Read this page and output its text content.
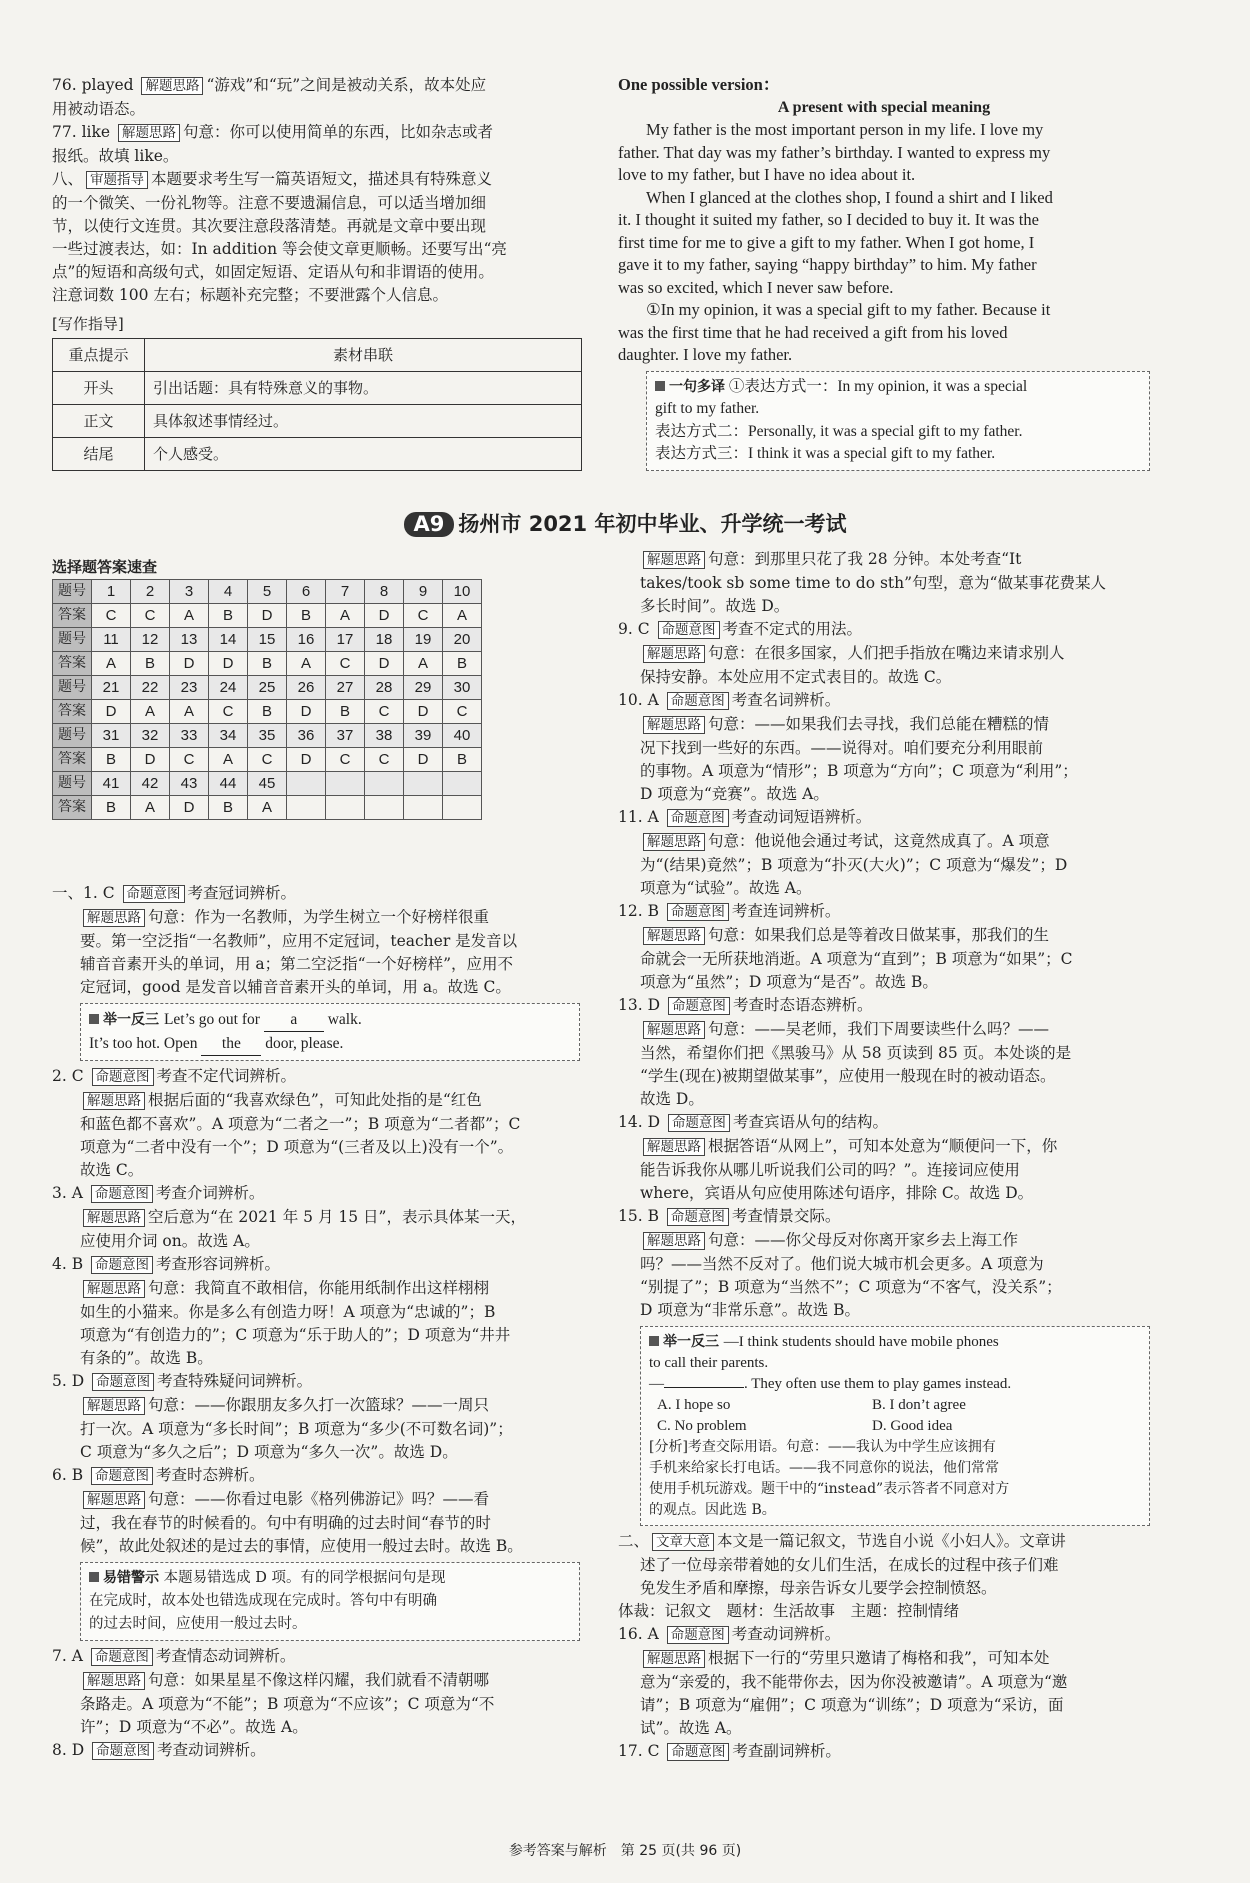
76. played 解题思路 “游戏”和“玩”之间是被动关系，故本处应

用被动语态。

77. like 解题思路 句意：你可以使用简单的东西，比如杂志或者

报纸。故填 like。

八、 审题指导 本题要求考生写一篇英语短文，描述具有特殊意义

的一个微笑、一份礼物等。注意不要遗漏信息，可以适当增加细

节，以使行文连贯。其次要注意段落清楚。再就是文章中要出现

一些过渡表达，如：In addition 等会使文章更顺畅。还要写出“亮

点”的短语和高级句式，如固定短语、定语从句和非谓语的使用。

注意词数 100 左右；标题补充完整；不要泄露个人信息。

[写作指导]

重点提示	素材串联
开头	引出话题：具有特殊意义的事物。
正文	具体叙述事情经过。
结尾	个人感受。

One possible version：

A present with special meaning

My father is the most important person in my life. I love my

father. That day was my father’s birthday. I wanted to express my

love to my father, but I have no idea about it.

When I glanced at the clothes shop, I found a shirt and I liked

it. I thought it suited my father, so I decided to buy it. It was the

first time for me to give a gift to my father. When I got home, I

gave it to my father, saying “happy birthday” to him. My father

was so excited, which I never saw before.

①In my opinion, it was a special gift to my father. Because it

was the first time that he had received a gift from his loved

daughter. I love my father.

一句多译 ①表达方式一：In my opinion, it was a special

gift to my father.

表达方式二：Personally, it was a special gift to my father.

表达方式三：I think it was a special gift to my father.

A9 扬州市 2021 年初中毕业、升学统一考试

选择题答案速查

题号	1	2	3	4	5	6	7	8	9	10
答案	C	C	A	B	D	B	A	D	C	A
题号	11	12	13	14	15	16	17	18	19	20
答案	A	B	D	D	B	A	C	D	A	B
题号	21	22	23	24	25	26	27	28	29	30
答案	D	A	A	C	B	D	B	C	D	C
题号	31	32	33	34	35	36	37	38	39	40
答案	B	D	C	A	C	D	C	C	D	B
题号	41	42	43	44	45					
答案	B	A	D	B	A					

一、1. C 命题意图 考查冠词辨析。

解题思路 句意：作为一名教师，为学生树立一个好榜样很重

要。第一空泛指“一名教师”，应用不定冠词，teacher 是发音以

辅音音素开头的单词，用 a；第二空泛指“一个好榜样”，应用不

定冠词，good 是发音以辅音音素开头的单词，用 a。故选 C。

举一反三 Let’s go out for a walk.

It’s too hot. Open the door, please.

2. C 命题意图 考查不定代词辨析。

解题思路 根据后面的“我喜欢绿色”，可知此处指的是“红色

和蓝色都不喜欢”。A 项意为“二者之一”；B 项意为“二者都”；C

项意为“二者中没有一个”；D 项意为“(三者及以上)没有一个”。

故选 C。

3. A 命题意图 考查介词辨析。

解题思路 空后意为“在 2021 年 5 月 15 日”，表示具体某一天，

应使用介词 on。故选 A。

4. B 命题意图 考查形容词辨析。

解题思路 句意：我简直不敢相信，你能用纸制作出这样栩栩

如生的小猫来。你是多么有创造力呀！A 项意为“忠诚的”；B

项意为“有创造力的”；C 项意为“乐于助人的”；D 项意为“井井

有条的”。故选 B。

5. D 命题意图 考查特殊疑问词辨析。

解题思路 句意：——你跟朋友多久打一次篮球？——一周只

打一次。A 项意为“多长时间”；B 项意为“多少(不可数名词)”；

C 项意为“多久之后”；D 项意为“多久一次”。故选 D。

6. B 命题意图 考查时态辨析。

解题思路 句意：——你看过电影《格列佛游记》吗？——看

过，我在春节的时候看的。句中有明确的过去时间“春节的时

候”，故此处叙述的是过去的事情，应使用一般过去时。故选 B。

易错警示 本题易错选成 D 项。有的同学根据问句是现

在完成时，故本处也错选成现在完成时。答句中有明确

的过去时间，应使用一般过去时。

7. A 命题意图 考查情态动词辨析。

解题思路 句意：如果星星不像这样闪耀，我们就看不清朝哪

条路走。A 项意为“不能”；B 项意为“不应该”；C 项意为“不

许”；D 项意为“不必”。故选 A。

8. D 命题意图 考查动词辨析。

解题思路 句意：到那里只花了我 28 分钟。本处考查“It

takes/took sb some time to do sth”句型，意为“做某事花费某人

多长时间”。故选 D。

9. C 命题意图 考查不定式的用法。

解题思路 句意：在很多国家，人们把手指放在嘴边来请求别人

保持安静。本处应用不定式表目的。故选 C。

10. A 命题意图 考查名词辨析。

解题思路 句意：——如果我们去寻找，我们总能在糟糕的情

况下找到一些好的东西。——说得对。咱们要充分利用眼前

的事物。A 项意为“情形”；B 项意为“方向”；C 项意为“利用”；

D 项意为“竞赛”。故选 A。

11. A 命题意图 考查动词短语辨析。

解题思路 句意：他说他会通过考试，这竟然成真了。A 项意

为“(结果)竟然”；B 项意为“扑灭(大火)”；C 项意为“爆发”；D

项意为“试验”。故选 A。

12. B 命题意图 考查连词辨析。

解题思路 句意：如果我们总是等着改日做某事，那我们的生

命就会一无所获地消逝。A 项意为“直到”；B 项意为“如果”；C

项意为“虽然”；D 项意为“是否”。故选 B。

13. D 命题意图 考查时态语态辨析。

解题思路 句意：——吴老师，我们下周要读些什么吗？——

当然，希望你们把《黑骏马》从 58 页读到 85 页。本处谈的是

“学生(现在)被期望做某事”，应使用一般现在时的被动语态。

故选 D。

14. D 命题意图 考查宾语从句的结构。

解题思路 根据答语“从网上”，可知本处意为“顺便问一下，你

能告诉我你从哪儿听说我们公司的吗？”。连接词应使用

where，宾语从句应使用陈述句语序，排除 C。故选 D。

15. B 命题意图 考查情景交际。

解题思路 句意：——你父母反对你离开家乡去上海工作

吗？——当然不反对了。他们说大城市机会更多。A 项意为

“别提了”；B 项意为“当然不”；C 项意为“不客气，没关系”；

D 项意为“非常乐意”。故选 B。

举一反三 —I think students should have mobile phones

to call their parents.

—	. They often use them to play games instead.

A. I hope so	B. I don’t agree

C. No problem	D. Good idea

[分析]考查交际用语。句意：——我认为中学生应该拥有

手机来给家长打电话。——我不同意你的说法，他们常常

使用手机玩游戏。题干中的“instead”表示答者不同意对方

的观点。因此选 B。

二、 文章大意 本文是一篇记叙文，节选自小说《小妇人》。文章讲

述了一位母亲带着她的女儿们生活，在成长的过程中孩子们难

免发生矛盾和摩擦，母亲告诉女儿要学会控制愤怒。

体裁：记叙文　题材：生活故事　主题：控制情绪

16. A 命题意图 考查动词辨析。

解题思路 根据下一行的“劳里只邀请了梅格和我”，可知本处

意为“亲爱的，我不能带你去，因为你没被邀请”。A 项意为“邀

请”；B 项意为“雇佣”；C 项意为“训练”；D 项意为“采访，面

试”。故选 A。

17. C 命题意图 考查副词辨析。

参考答案与解析　第 25 页(共 96 页)
